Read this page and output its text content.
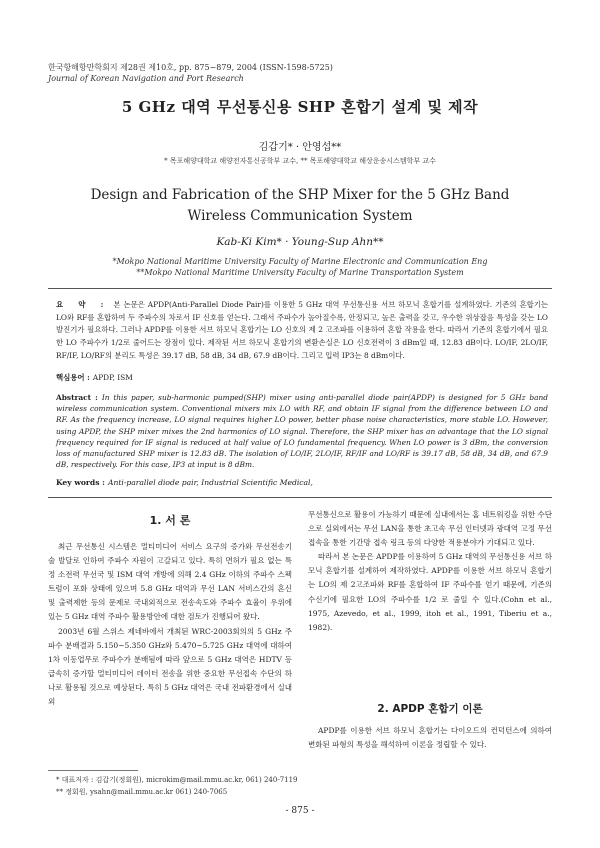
한국항해항만학회지 제28권 제10호, pp. 875~879, 2004 (ISSN-1598-5725)
Journal of Korean Navigation and Port Research
5 GHz 대역 무선통신용 SHP 혼합기 설계 및 제작
김갑기* · 안영섭**
* 목포해양대학교 해양전자통신공학부 교수, ** 목포해양대학교 해상운송시스템학부 교수
Design and Fabrication of the SHP Mixer for the 5 GHz Band Wireless Communication System
Kab-Ki Kim* · Young-Sup Ahn**
*Mokpo National Maritime University Faculty of Marine Electronic and Communication Eng
**Mokpo National Maritime University Faculty of Marine Transportation System
요 약 : 본 논문은 APDP(Anti-Parallel Diode Pair)를 이용한 5 GHz 대역 무선통신용 서브 하모닉 혼합기를 설계하였다. 기존의 혼합기는 LO와 RF를 혼합하여 두 주파수의 차로서 IF 신호를 얻는다. 그래서 주파수가 높아질수록, 안정되고, 높은 출력을 갖고, 우수한 위상잡음 특성을 갖는 LO 발진기가 필요하다. 그러나 APDP를 이용한 서브 하모닉 혼합기는 LO 신호의 제 2 고조파를 이용하여 혼합 작용을 한다. 따라서 기존의 혼합기에서 필요한 LO 주파수가 1/2로 줄어드는 장점이 있다. 제작된 서브 하모닉 혼합기의 변환손실은 LO 신호전력이 3 dBm일 때, 12.83 dB이다. LO/IF, 2LO/IF, RF/IF, LO/RF의 분리도 특성은 39.17 dB, 58 dB, 34 dB, 67.9 dB이다. 그리고 입력 IP3는 8 dBm이다.
핵심용어 : APDP, ISM
Abstract : In this paper, sub-harmonic pumped(SHP) mixer using anti-parallel diode pair(APDP) is designed for 5 GHz band wireless communication system. Conventional mixers mix LO with RF, and obtain IF signal from the difference between LO and RF. As the frequency increase, LO signal requires higher LO power, better phase noise characteristics, more stable LO. However, using APDP, the SHP mixer mixes the 2nd harmonics of LO signal. Therefore, the SHP mixer has an advantage that the LO signal frequency required for IF signal is reduced at half value of LO fundamental frequency. When LO power is 3 dBm, the conversion loss of manufactured SHP mixer is 12.83 dB. The isolation of LO/IF, 2LO/IF, RF/IF and LO/RF is 39.17 dB, 58 dB, 34 dB, and 67.9 dB, respectively. For this case, IP3 at input is 8 dBm.
Key words : Anti-parallel diode pair, Industrial Scientific Medical,
1. 서 론

최근 무선통신 시스템은 멀티미디어 서비스 요구의 증가와 무선전송기술 발달로 인하여 주파수 자원이 고갈되고 있다. 특히 면허가 필요 없는 특정 소전력 무선국 및 ISM 대역 개방에 의해 2.4 GHz 이하의 주파수 스펙트럼이 포화 상태에 있으며 5.8 GHz 대역과 무선 LAN 서비스간의 혼신 및 출력제한 등의 문제로 국내외적으로 전송속도와 주파수 효율이 우위에 있는 5 GHz 대역 주파수 활용방안에 대한 검토가 진행되어 왔다.

2003년 6월 스위스 제네바에서 개최된 WRC-2003회의의 5 GHz 주파수 분배결과 5.150~5.350 GHz와 5.470~5.725 GHz 대역에 대하여 1차 이동업무로 주파수가 분배됨에 따라 앞으로 5 GHz 대역은 HDTV 등 급속히 증가할 멀티미디어 데이터 전송을 위한 중요한 무선접속 수단의 하나로 활용될 것으로 예상된다. 특히 5 GHz 대역은 국내 전파환경에서 실내외

무선통신으로 활용이 가능하기 때문에 실내에서는 홈 네트워킹을 위한 수단으로 실외에서는 무선 LAN을 통한 초고속 무선 인터넷과 광대역 고정 무선 접속을 통한 기간망 접속 링크 등의 다양한 적용분야가 기대되고 있다.

따라서 본 논문은 APDP를 이용하여 5 GHz 대역의 무선통신용 서브 하모닉 혼합기를 설계하여 제작하였다. APDP를 이용한 서브 하모닉 혼합기는 LO의 제 2고조파와 RF를 혼합하여 IF 주파수를 얻기 때문에, 기존의 수신기에 필요한 LO의 주파수를 1/2 로 줄일 수 있다.(Cohn et al., 1975, Azevedo, et al., 1999, itoh et al., 1991, Tiberiu et a., 1982).

2. APDP 혼합기 이론

APDP를 이용한 서브 하모닉 혼합기는 다이오드의 컨덕턴스에 의하여 변화된 파형의 특성을 해석하여 이론을 정립할 수 있다.

* 대표저자 : 김갑기(정회원), microkim@mail.mmu.ac.kr, 061) 240-7119
** 정회원, ysahn@mail.mmu.ac.kr 061) 240-7065
- 875 -
